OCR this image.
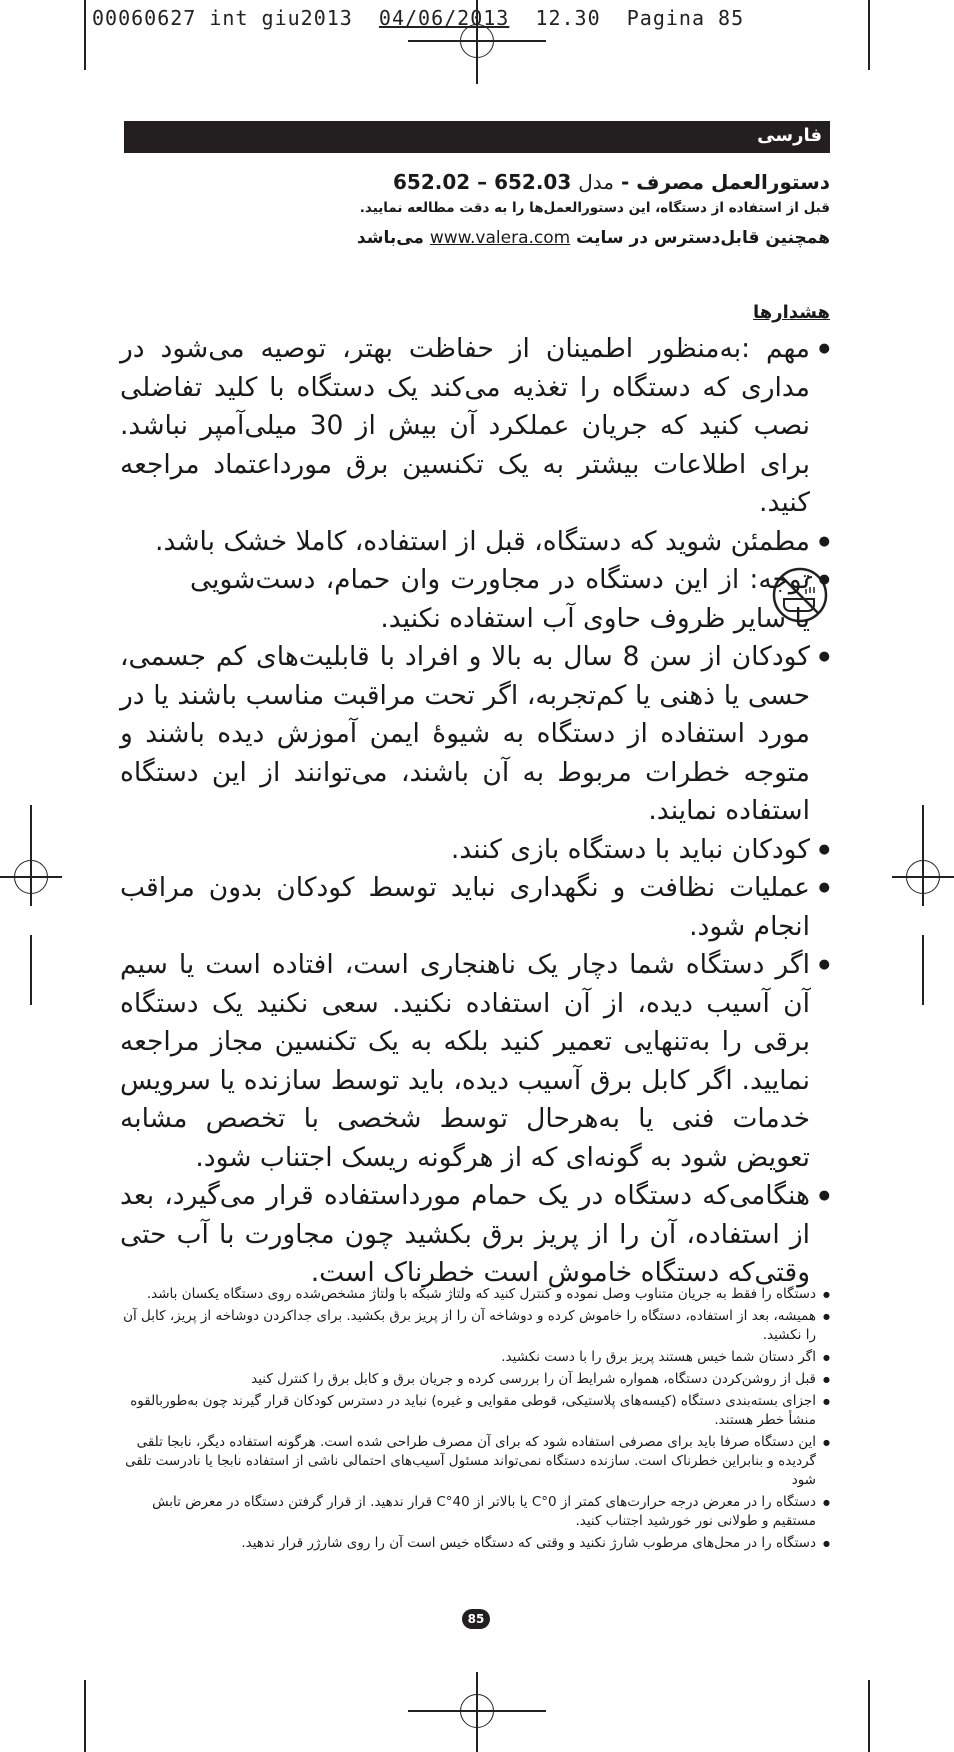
00060627 int giu2013 04/06/2013 12.30 Pagina 85
فارسی
دستورالعمل مصرف - مدل 652.02 – 652.03
قبل از استفاده از دستگاه، این دستورالعمل‌ها را به دقت مطالعه نمایید.
همچنین قابل‌دسترس در سایت www.valera.com می‌باشد
هشدارها
● مهم :به‌منظور اطمینان از حفاظت بهتر، توصیه می‌شود در مداری که دستگاه را تغذیه می‌کند یک دستگاه با کلید تفاضلی نصب کنید که جریان عملکرد آن بیش از 30 میلی‌آمپر نباشد. برای اطلاعات بیشتر به یک تکنسین برق مورداعتماد مراجعه کنید.
● مطمئن شوید که دستگاه، قبل از استفاده، کاملا خشک باشد.
● توجه: از این دستگاه در مجاورت وان حمام، دست‌شویی یا سایر ظروف حاوی آب استفاده نکنید.
● کودکان از سن 8 سال به بالا و افراد با قابلیت‌های کم جسمی، حسی یا ذهنی یا کم‌تجربه، اگر تحت مراقبت مناسب باشند یا در مورد استفاده از دستگاه به شیوهٔ ایمن آموزش دیده باشند و متوجه خطرات مربوط به آن باشند، می‌توانند از این دستگاه استفاده نمایند.
● کودکان نباید با دستگاه بازی کنند.
● عملیات نظافت و نگهداری نباید توسط کودکان بدون مراقب انجام شود.
● اگر دستگاه شما دچار یک ناهنجاری است، افتاده است یا سیم آن آسیب دیده، از آن استفاده نکنید. سعی نکنید یک دستگاه برقی را به‌تنهایی تعمیر کنید بلکه به یک تکنسین مجاز مراجعه نمایید. اگر کابل برق آسیب دیده، باید توسط سازنده یا سرویس خدمات فنی یا به‌هرحال توسط شخصی با تخصص مشابه تعویض شود به گونه‌ای که از هرگونه ریسک اجتناب شود.
● هنگامی‌که دستگاه در یک حمام مورداستفاده قرار می‌گیرد، بعد از استفاده، آن را از پریز برق بکشید چون مجاورت با آب حتی وقتی‌که دستگاه خاموش است خطرناک است.
● دستگاه را فقط به جریان متناوب وصل نموده و کنترل کنید که ولتاژ شبکه با ولتاژ مشخص‌شده روی دستگاه یکسان باشد.
● همیشه، بعد از استفاده، دستگاه را خاموش کرده و دوشاخه آن را از پریز برق بکشید. برای جداکردن دوشاخه از پریز، کابل آن را نکشید.
● اگر دستان شما خیس هستند پریز برق را با دست نکشید.
● قبل از روشن‌کردن دستگاه، همواره شرایط آن را بررسی کرده و جریان برق و کابل برق را کنترل کنید
● اجزای بسته‌بندی دستگاه (کیسه‌های پلاستیکی، قوطی مقوایی و غیره) نباید در دسترس کودکان قرار گیرند چون به‌طوربالقوه منشأ خطر هستند.
● این دستگاه صرفا باید برای مصرفی استفاده شود که برای آن مصرف طراحی شده است. هرگونه استفاده دیگر، نابجا تلقی گردیده و بنابراین خطرناک است. سازنده دستگاه نمی‌تواند مسئول آسیب‌های احتمالی ناشی از استفاده نابجا یا نادرست تلقی شود
● دستگاه را در معرض درجه حرارت‌های کمتر از 0°C یا بالاتر از 40°C قرار ندهید. از قرار گرفتن دستگاه در معرض تابش مستقیم و طولانی نور خورشید اجتناب کنید.
● دستگاه را در محل‌های مرطوب شارژ نکنید و وقتی که دستگاه خیس است آن را روی شارژر قرار ندهید.
85
